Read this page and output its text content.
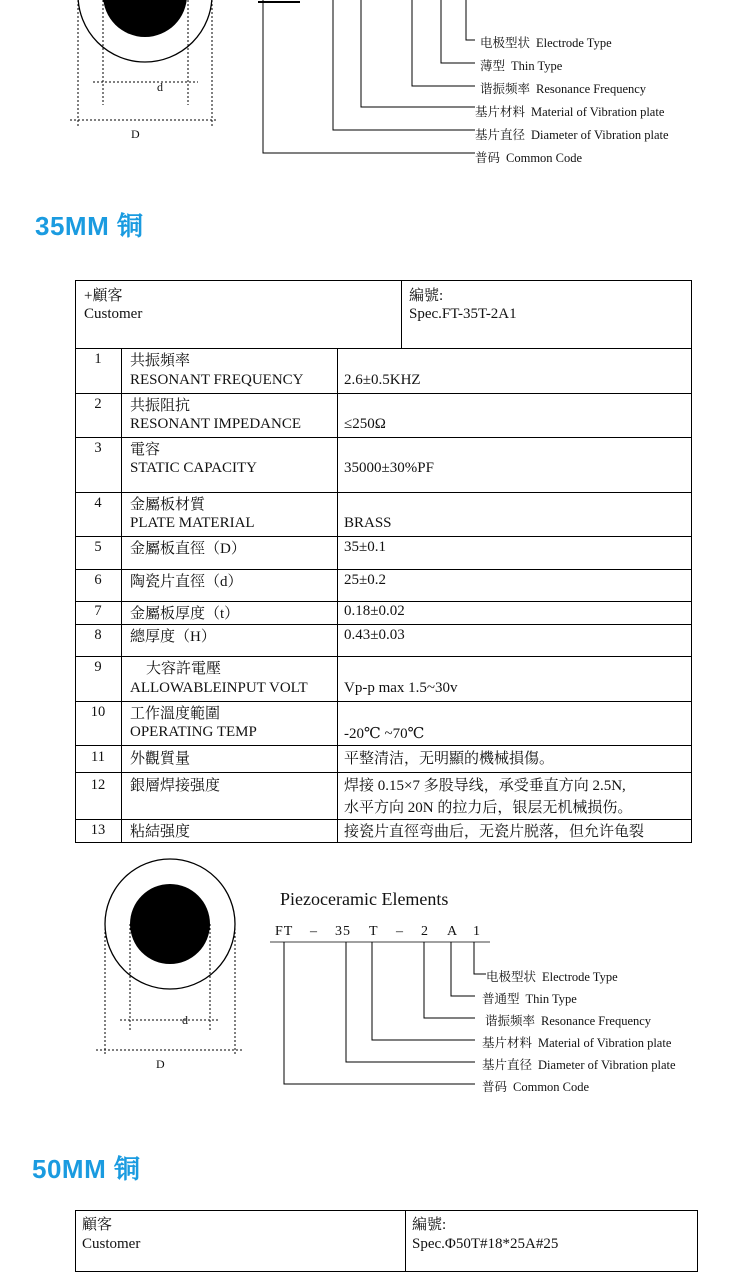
d
D
电极型状 Electrode Type
薄型 Thin Type
谐振频率 Resonance Frequency
基片材料 Material of Vibration plate
基片直径 Diameter of Vibration plate
普码 Common Code
35MM 铜
+顧客
Customer
編號:
Spec.FT-35T-2A1
1	共振頻率
RESONANT FREQUENCY	2.6±0.5KHZ
2	共振阻抗
RESONANT IMPEDANCE	≤250Ω
3	電容
STATIC CAPACITY	35000±30%PF
4	金屬板材質
PLATE MATERIAL	BRASS
5	金屬板直徑（D）	35±0.1
6	陶瓷片直徑（d）	25±0.2
7	金屬板厚度（t）	0.18±0.02
8	總厚度（H）	0.43±0.03
9	大容許電壓
ALLOWABLEINPUT VOLT Vp-p max 1.5~30v
10	工作溫度範圍
OPERATING TEMP	-20℃ ~70℃
11	外觀質量	平整清洁，无明顯的機械損傷。
12	銀層焊接强度	焊接 0.15×7 多股导线，承受垂直方向 2.5N,
水平方向 20N 的拉力后，银层无机械损伤。
13	粘結强度	接瓷片直徑弯曲后，无瓷片脱落，但允许龟裂
d
D
Piezoceramic Elements
FT – 35 T – 2 A 1
电极型状 Electrode Type
普通型 Thin Type
谐振频率 Resonance Frequency
基片材料 Material of Vibration plate
基片直径 Diameter of Vibration plate
普码 Common Code
50MM 铜
顧客
Customer
編號:
Spec.Φ50T#18*25A#25
